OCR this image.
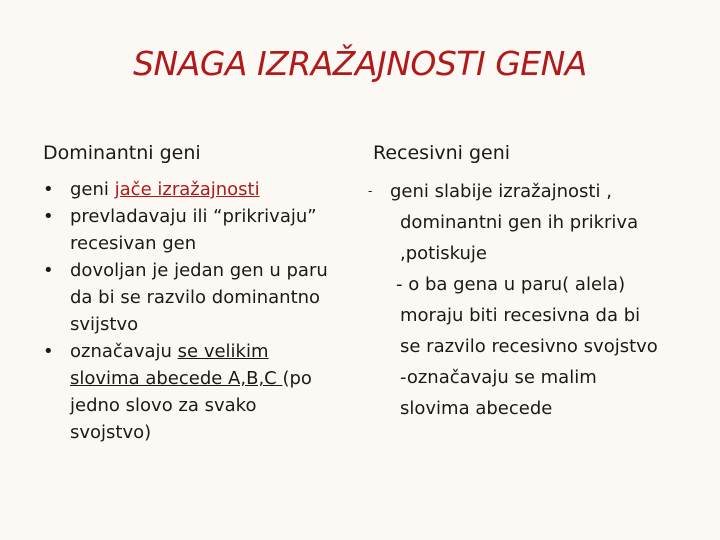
SNAGA IZRAŽAJNOSTI GENA
Dominantni geni	Recesivni geni
• geni jače izražajnosti
• prevladavaju ili “prikrivaju”
recesivan gen
• dovoljan je jedan gen u paru
da bi se razvilo dominantno
svijstvo
• označavaju se velikim
slovima abecede A,B,C (po
jedno slovo za svako
svojstvo)
- geni slabije izražajnosti ,
dominantni gen ih prikriva
,potiskuje
- o ba gena u paru( alela)
moraju biti recesivna da bi
se razvilo recesivno svojstvo
-označavaju se malim
slovima abecede
